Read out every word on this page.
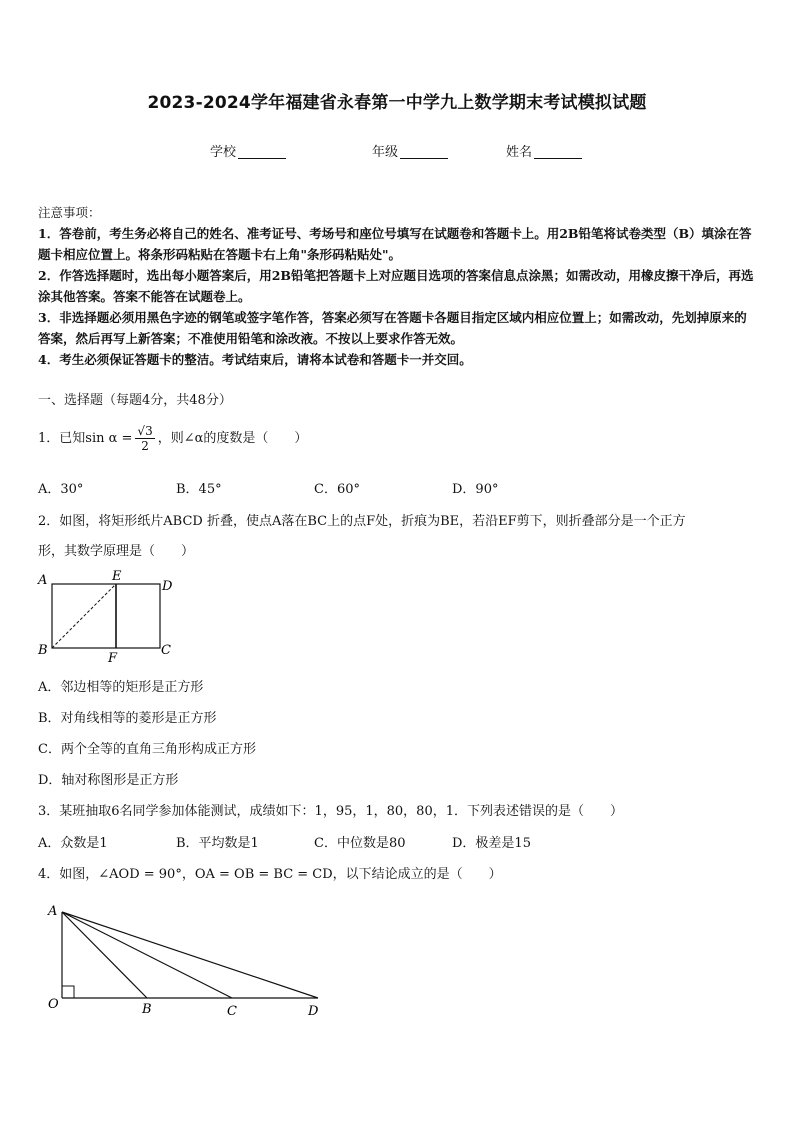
2023-2024学年福建省永春第一中学九上数学期末考试模拟试题
学校	年级	姓名

注意事项：

1．答卷前，考生务必将自己的姓名、准考证号、考场号和座位号填写在试题卷和答题卡上。用2B铅笔将试卷类型（B）填涂在答题卡相应位置上。将条形码粘贴在答题卡右上角"条形码粘贴处"。

2．作答选择题时，选出每小题答案后，用2B铅笔把答题卡上对应题目选项的答案信息点涂黑；如需改动，用橡皮擦干净后，再选涂其他答案。答案不能答在试题卷上。

3．非选择题必须用黑色字迹的钢笔或签字笔作答，答案必须写在答题卡各题目指定区域内相应位置上；如需改动，先划掉原来的答案，然后再写上新答案；不准使用铅笔和涂改液。不按以上要求作答无效。

4．考生必须保证答题卡的整洁。考试结束后，请将本试卷和答题卡一并交回。

一、选择题（每题4分，共48分）
1．已知$\sin \alpha = \frac{√3}{2}$ ，则∠α的度数是（　　）
A．30°	B．45°	C．60°	D．90°
2．如图，将矩形纸片ABCD 折叠，使点A落在BC上的点F处，折痕为BE，若沿EF剪下，则折叠部分是一个正方
形，其数学原理是（　　）
A	E
D
B
F
C
A．邻边相等的矩形是正方形
B．对角线相等的菱形是正方形
C．两个全等的直角三角形构成正方形
D．轴对称图形是正方形
3．某班抽取6名同学参加体能测试，成绩如下：1，95，1，80，80，1．下列表述错误的是（　　）
A．众数是1	B．平均数是1	C．中位数是80	D．极差是15
4．如图，∠AOD = 90°，OA = OB = BC = CD，以下结论成立的是（　　）
A
O	B	C	D
